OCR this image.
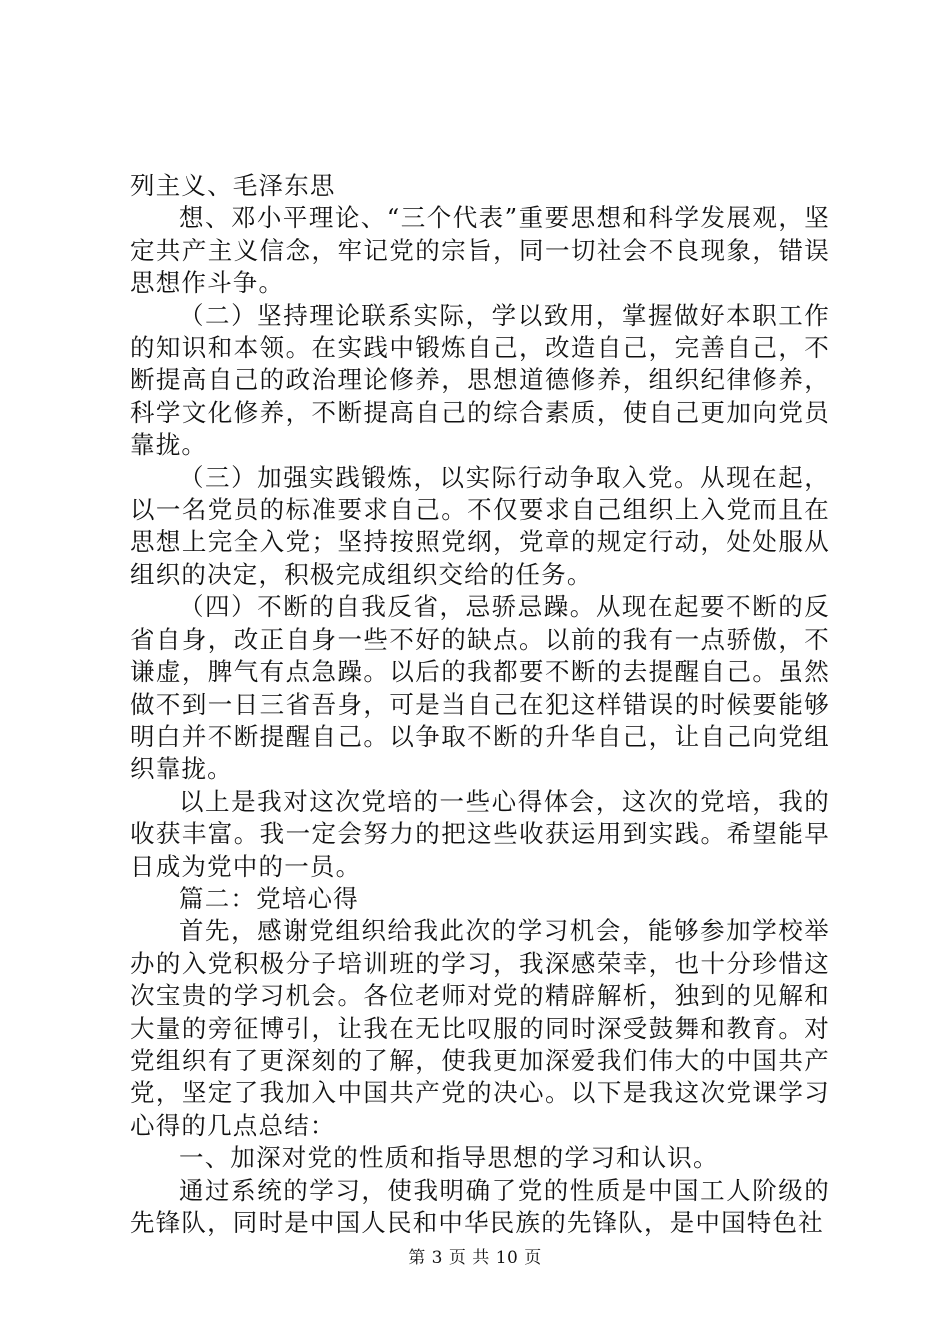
列主义、毛泽东思

想、邓小平理论、“三个代表”重要思想和科学发展观，坚定共产主义信念，牢记党的宗旨，同一切社会不良现象，错误思想作斗争。

（二）坚持理论联系实际，学以致用，掌握做好本职工作的知识和本领。在实践中锻炼自己，改造自己，完善自己，不断提高自己的政治理论修养，思想道德修养，组织纪律修养，科学文化修养，不断提高自己的综合素质，使自己更加向党员靠拢。

（三）加强实践锻炼，以实际行动争取入党。从现在起，以一名党员的标准要求自己。不仅要求自己组织上入党而且在思想上完全入党；坚持按照党纲，党章的规定行动，处处服从组织的决定，积极完成组织交给的任务。

（四）不断的自我反省，忌骄忌躁。从现在起要不断的反省自身，改正自身一些不好的缺点。以前的我有一点骄傲，不谦虚，脾气有点急躁。以后的我都要不断的去提醒自己。虽然做不到一日三省吾身，可是当自己在犯这样错误的时候要能够明白并不断提醒自己。以争取不断的升华自己，让自己向党组织靠拢。

以上是我对这次党培的一些心得体会，这次的党培，我的收获丰富。我一定会努力的把这些收获运用到实践。希望能早日成为党中的一员。

篇二：党培心得

首先，感谢党组织给我此次的学习机会，能够参加学校举办的入党积极分子培训班的学习，我深感荣幸，也十分珍惜这次宝贵的学习机会。各位老师对党的精辟解析，独到的见解和大量的旁征博引，让我在无比叹服的同时深受鼓舞和教育。对党组织有了更深刻的了解，使我更加深爱我们伟大的中国共产党，坚定了我加入中国共产党的决心。以下是我这次党课学习心得的几点总结：

一、加深对党的性质和指导思想的学习和认识。

通过系统的学习，使我明确了党的性质是中国工人阶级的先锋队，同时是中国人民和中华民族的先锋队，是中国特色社

第 3 页 共 10 页
